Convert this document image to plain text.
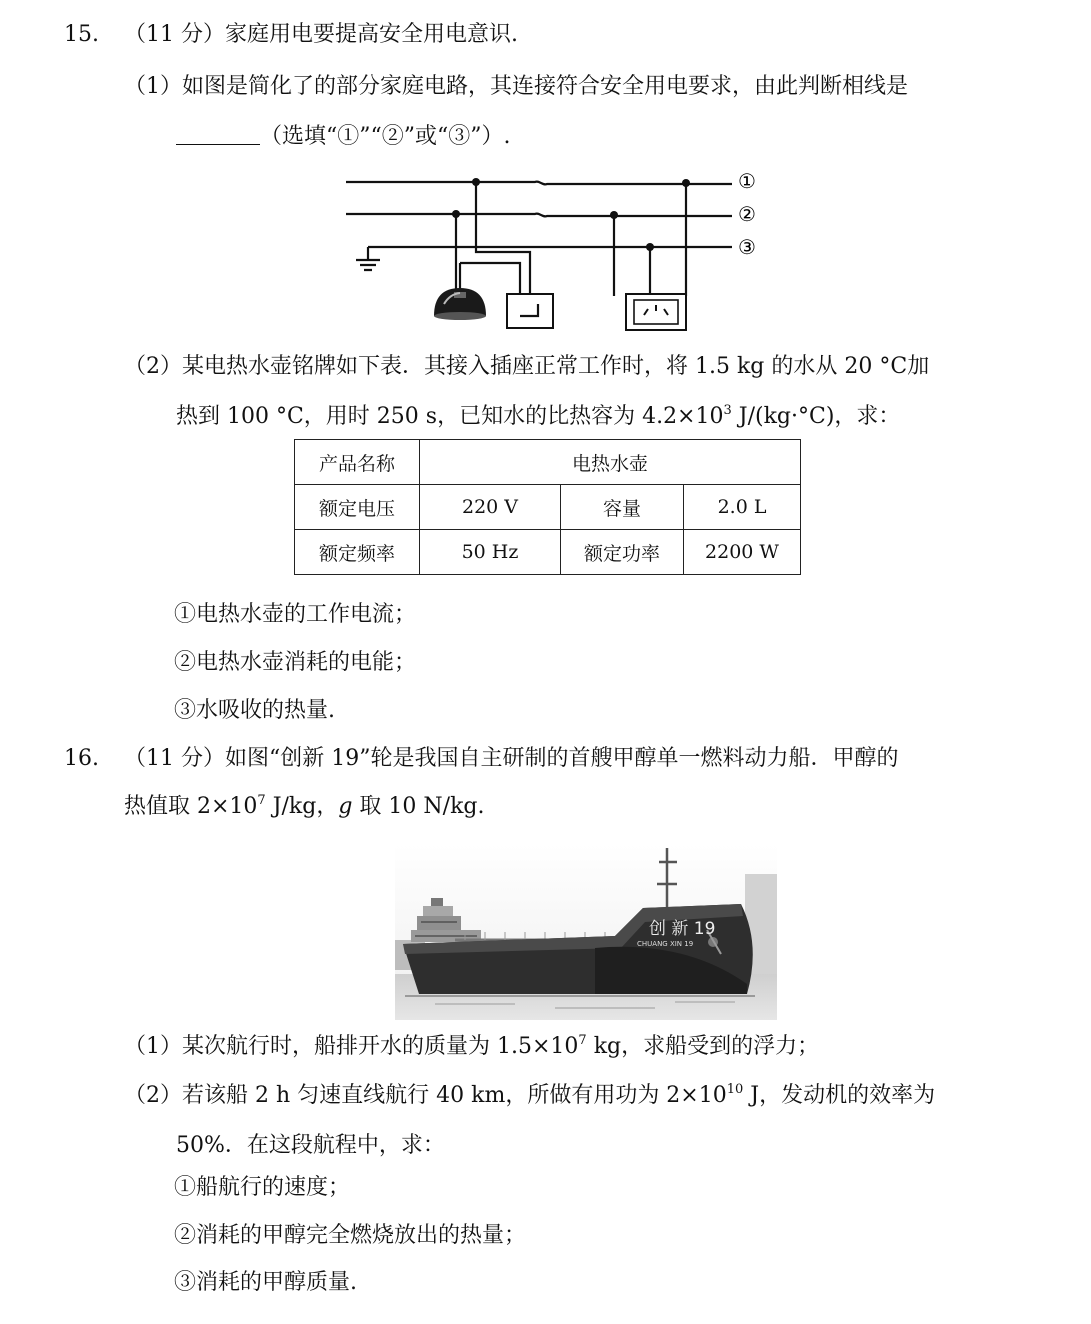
15. （11 分）家庭用电要提高安全用电意识.
（1）如图是简化了的部分家庭电路，其连接符合安全用电要求，由此判断相线是
（选填“①”“②”或“③”）.
①
②
③
（2）某电热水壶铭牌如下表．其接入插座正常工作时，将 1.5 kg 的水从 20 °C加
热到 100 °C，用时 250 s，已知水的比热容为 $4.2\times 10^3$ J/(kg·°C)，求：
产品名称	电热水壶		
额定电压	220 V	容量	2.0 L
额定频率	50 Hz	额定功率	2200 W
①电热水壶的工作电流；
②电热水壶消耗的电能；
③水吸收的热量.
16. （11 分）如图“创新 19”轮是我国自主研制的首艘甲醇单一燃料动力船．甲醇的
热值取 $2\times 10^7$ J/kg，g 取 10 N/kg.
创 新 19
CHUANG XIN 19
（1）某次航行时，船排开水的质量为 $1.5\times 10^7$ kg，求船受到的浮力；
（2）若该船 2 h 匀速直线航行 40 km，所做有用功为 $2\times 10^{10}$ J，发动机的效率为
50%．在这段航程中，求：
①船航行的速度；
②消耗的甲醇完全燃烧放出的热量；
③消耗的甲醇质量.
